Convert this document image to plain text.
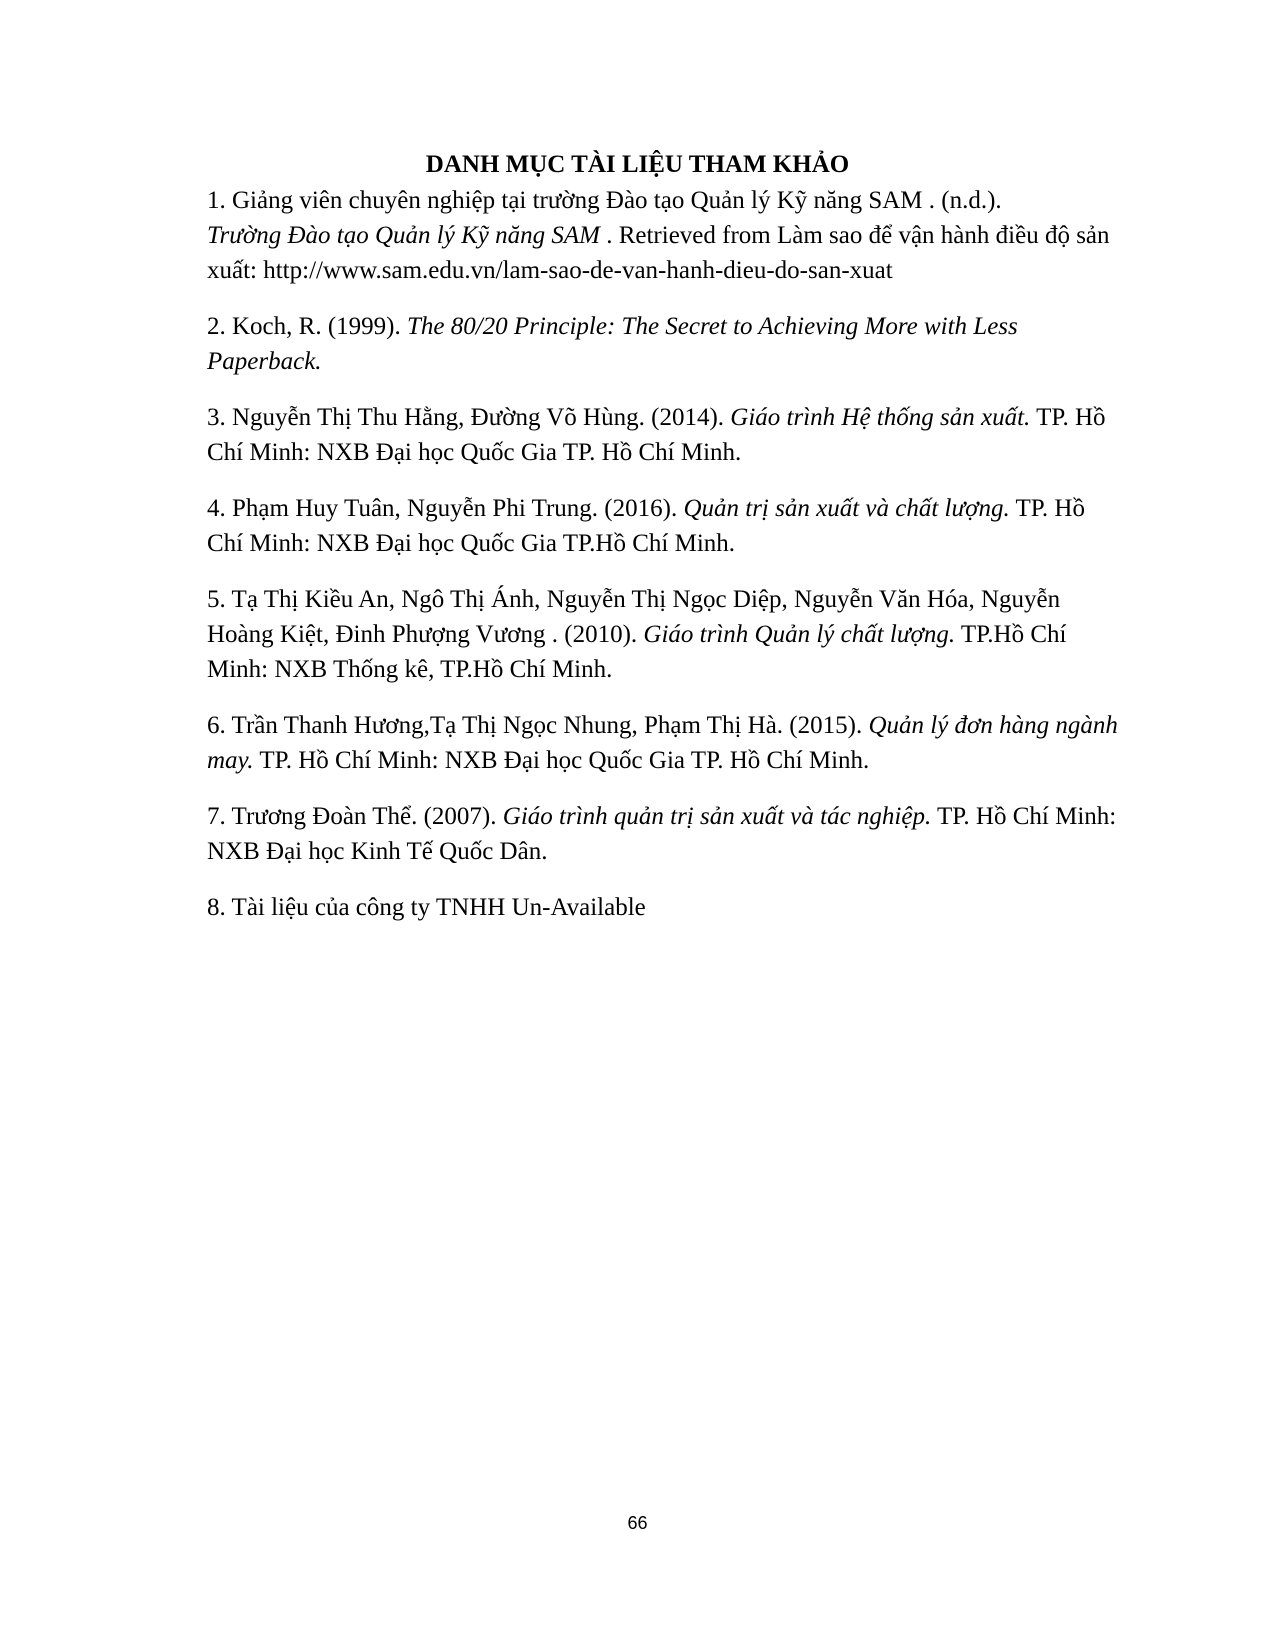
DANH MỤC TÀI LIỆU THAM KHẢO

1. Giảng viên chuyên nghiệp tại trường Đào tạo Quản lý Kỹ năng SAM . (n.d.).
Trường Đào tạo Quản lý Kỹ năng SAM . Retrieved from Làm sao để vận hành điều độ sản xuất: http://www.sam.edu.vn/lam-sao-de-van-hanh-dieu-do-san-xuat

2. Koch, R. (1999). The 80/20 Principle: The Secret to Achieving More with Less Paperback.

3. Nguyễn Thị Thu Hằng, Đường Võ Hùng. (2014). Giáo trình Hệ thống sản xuất. TP. Hồ Chí Minh: NXB Đại học Quốc Gia TP. Hồ Chí Minh.

4. Phạm Huy Tuân, Nguyễn Phi Trung. (2016). Quản trị sản xuất và chất lượng. TP. Hồ Chí Minh: NXB Đại học Quốc Gia TP.Hồ Chí Minh.

5. Tạ Thị Kiều An, Ngô Thị Ánh, Nguyễn Thị Ngọc Diệp, Nguyễn Văn Hóa, Nguyễn Hoàng Kiệt, Đinh Phượng Vương . (2010). Giáo trình Quản lý chất lượng. TP.Hồ Chí Minh: NXB Thống kê, TP.Hồ Chí Minh.

6. Trần Thanh Hương,Tạ Thị Ngọc Nhung, Phạm Thị Hà. (2015). Quản lý đơn hàng ngành may. TP. Hồ Chí Minh: NXB Đại học Quốc Gia TP. Hồ Chí Minh.

7. Trương Đoàn Thể. (2007). Giáo trình quản trị sản xuất và tác nghiệp. TP. Hồ Chí Minh: NXB Đại học Kinh Tế Quốc Dân.

8. Tài liệu của công ty TNHH Un-Available

66
